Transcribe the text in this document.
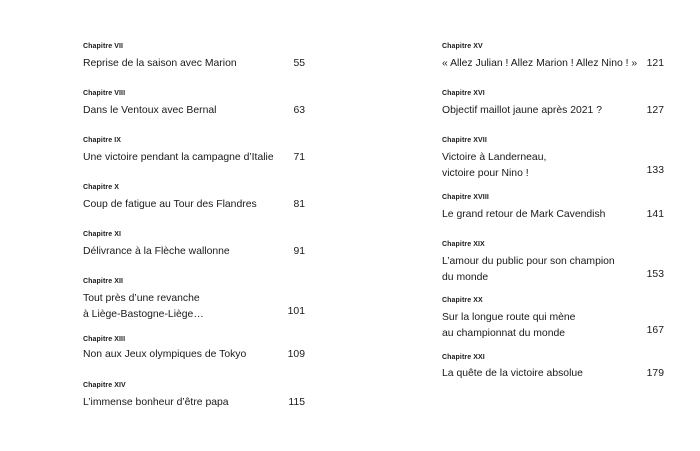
Chapitre VII
Reprise de la saison avec Marion	55
Chapitre VIII
Dans le Ventoux avec Bernal	63
Chapitre IX
Une victoire pendant la campagne d’Italie 71
Chapitre X
Coup de fatigue au Tour des Flandres	81
Chapitre XI
Délivrance à la Flèche wallonne	91
Chapitre XII
Tout près d’une revanche
à Liège-Bastogne-Liège…	101
Chapitre XIII
Non aux Jeux olympiques de Tokyo	109
Chapitre XIV
L’immense bonheur d’être papa	115
Chapitre XV
« Allez Julian ! Allez Marion ! Allez Nino ! » 121
Chapitre XVI
Objectif maillot jaune après 2021 ?	127
Chapitre XVII
Victoire à Landerneau,
victoire pour Nino !	133
Chapitre XVIII
Le grand retour de Mark Cavendish	141
Chapitre XIX
L’amour du public pour son champion
du monde	153
Chapitre XX
Sur la longue route qui mène
au championnat du monde	167
Chapitre XXI
La quête de la victoire absolue	179
